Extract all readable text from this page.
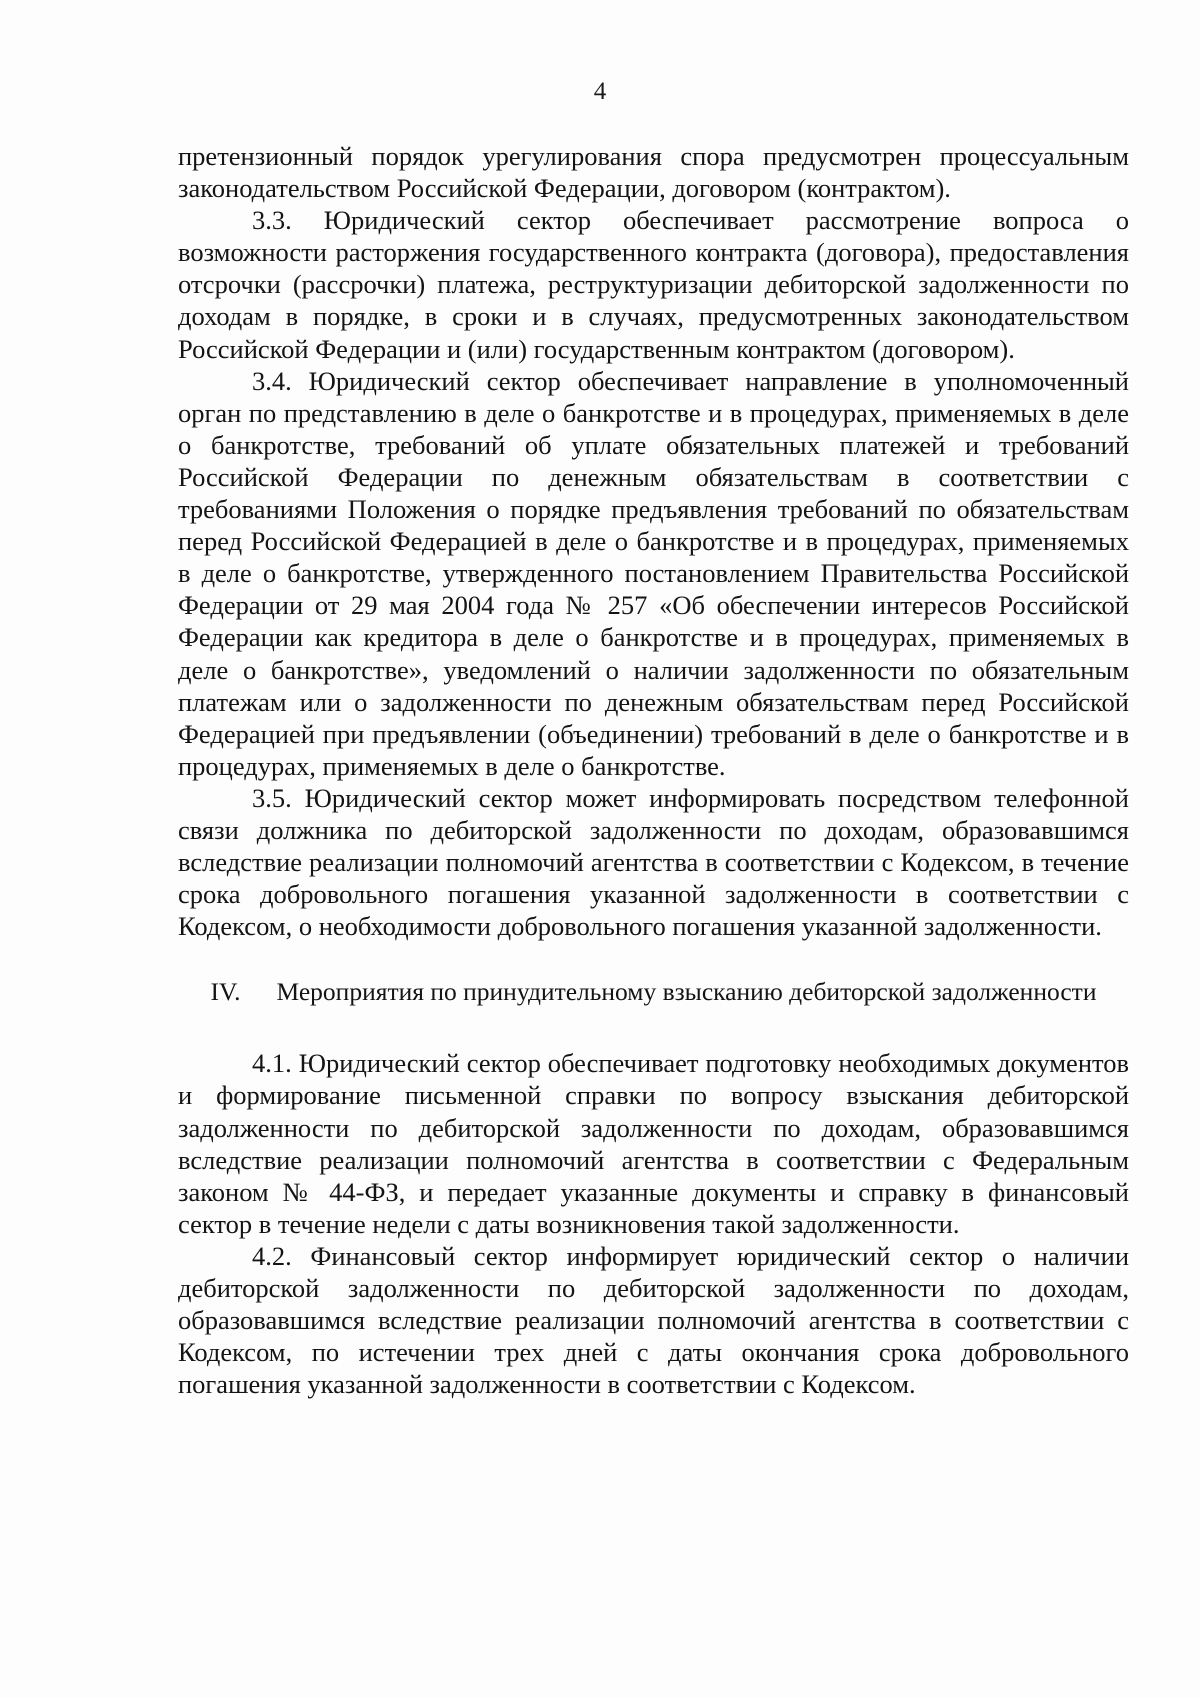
4

претензионный порядок урегулирования спора предусмотрен процессуальным законодательством Российской Федерации, договором (контрактом).

3.3. Юридический сектор обеспечивает рассмотрение вопроса о возможности расторжения государственного контракта (договора), предоставления отсрочки (рассрочки) платежа, реструктуризации дебиторской задолженности по доходам в порядке, в сроки и в случаях, предусмотренных законодательством Российской Федерации и (или) государственным контрактом (договором).

3.4. Юридический сектор обеспечивает направление в уполномоченный орган по представлению в деле о банкротстве и в процедурах, применяемых в деле о банкротстве, требований об уплате обязательных платежей и требований Российской Федерации по денежным обязательствам в соответствии с требованиями Положения о порядке предъявления требований по обязательствам перед Российской Федерацией в деле о банкротстве и в процедурах, применяемых в деле о банкротстве, утвержденного постановлением Правительства Российской Федерации от 29 мая 2004 года № 257 «Об обеспечении интересов Российской Федерации как кредитора в деле о банкротстве и в процедурах, применяемых в деле о банкротстве», уведомлений о наличии задолженности по обязательным платежам или о задолженности по денежным обязательствам перед Российской Федерацией при предъявлении (объединении) требований в деле о банкротстве и в процедурах, применяемых в деле о банкротстве.

3.5. Юридический сектор может информировать посредством телефонной связи должника по дебиторской задолженности по доходам, образовавшимся вследствие реализации полномочий агентства в соответствии с Кодексом, в течение срока добровольного погашения указанной задолженности в соответствии с Кодексом, о необходимости добровольного погашения указанной задолженности.

IV. Мероприятия по принудительному взысканию дебиторской задолженности

4.1. Юридический сектор обеспечивает подготовку необходимых документов и формирование письменной справки по вопросу взыскания дебиторской задолженности по дебиторской задолженности по доходам, образовавшимся вследствие реализации полномочий агентства в соответствии с Федеральным законом № 44-ФЗ, и передает указанные документы и справку в финансовый сектор в течение недели с даты возникновения такой задолженности.

4.2. Финансовый сектор информирует юридический сектор о наличии дебиторской задолженности по дебиторской задолженности по доходам, образовавшимся вследствие реализации полномочий агентства в соответствии с Кодексом, по истечении трех дней с даты окончания срока добровольного погашения указанной задолженности в соответствии с Кодексом.
